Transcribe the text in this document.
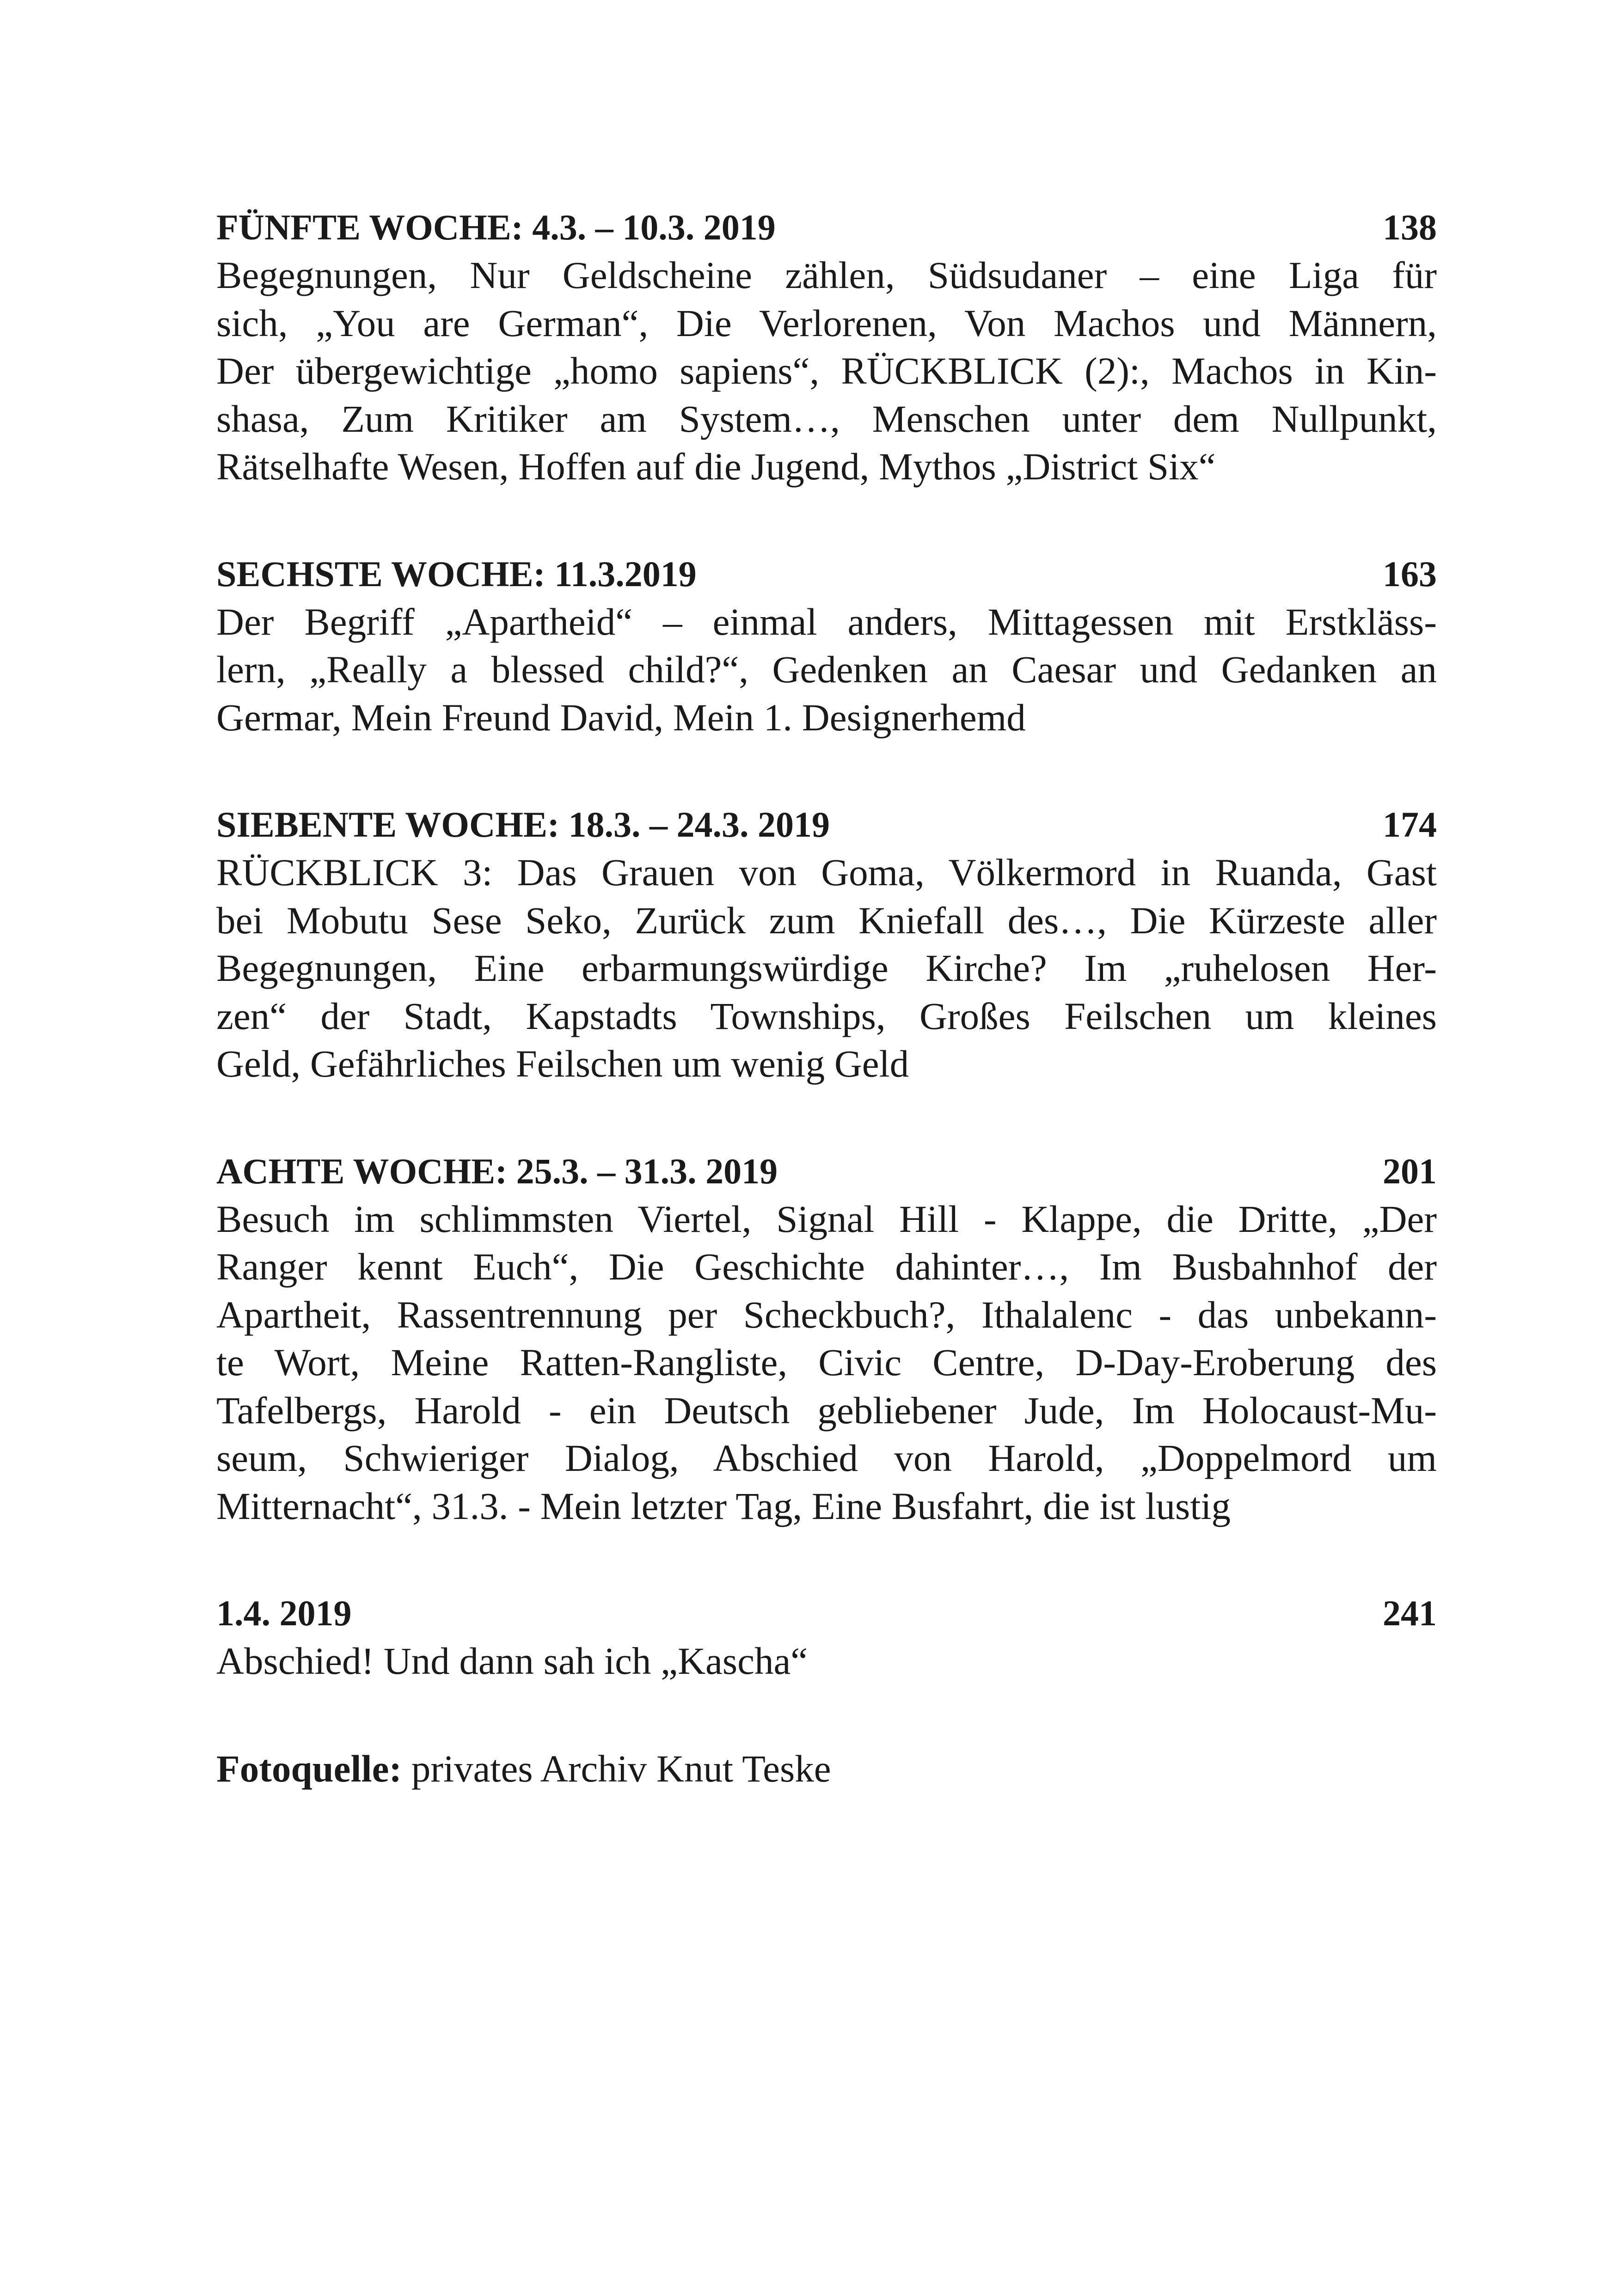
FÜNFTE WOCHE: 4.3. – 10.3. 2019	138
Begegnungen, Nur Geldscheine zählen, Südsudaner – eine Liga für
sich, „You are German“, Die Verlorenen, Von Machos und Männern,
Der übergewichtige „homo sapiens“, RÜCKBLICK (2):, Machos in Kin-
shasa, Zum Kritiker am System…, Menschen unter dem Nullpunkt,
Rätselhafte Wesen, Hoffen auf die Jugend, Mythos „District Six“
SECHSTE WOCHE: 11.3.2019	163
Der Begriff „Apartheid“ – einmal anders, Mittagessen mit Erstkläss-
lern, „Really a blessed child?“, Gedenken an Caesar und Gedanken an
Germar, Mein Freund David, Mein 1. Designerhemd
SIEBENTE WOCHE: 18.3. – 24.3. 2019	174
RÜCKBLICK 3: Das Grauen von Goma, Völkermord in Ruanda, Gast
bei Mobutu Sese Seko, Zurück zum Kniefall des…, Die Kürzeste aller
Begegnungen, Eine erbarmungswürdige Kirche? Im „ruhelosen Her-
zen“ der Stadt, Kapstadts Townships, Großes Feilschen um kleines
Geld, Gefährliches Feilschen um wenig Geld
ACHTE WOCHE: 25.3. – 31.3. 2019	201
Besuch im schlimmsten Viertel, Signal Hill - Klappe, die Dritte, „Der
Ranger kennt Euch“, Die Geschichte dahinter…, Im Busbahnhof der
Apartheit, Rassentrennung per Scheckbuch?, Ithalalenc - das unbekann-
te Wort, Meine Ratten-Rangliste, Civic Centre, D-Day-Eroberung des
Tafelbergs, Harold - ein Deutsch gebliebener Jude, Im Holocaust-Mu-
seum, Schwieriger Dialog, Abschied von Harold, „Doppelmord um
Mitternacht“, 31.3. - Mein letzter Tag, Eine Busfahrt, die ist lustig
1.4. 2019	241
Abschied! Und dann sah ich „Kascha“
Fotoquelle: privates Archiv Knut Teske
